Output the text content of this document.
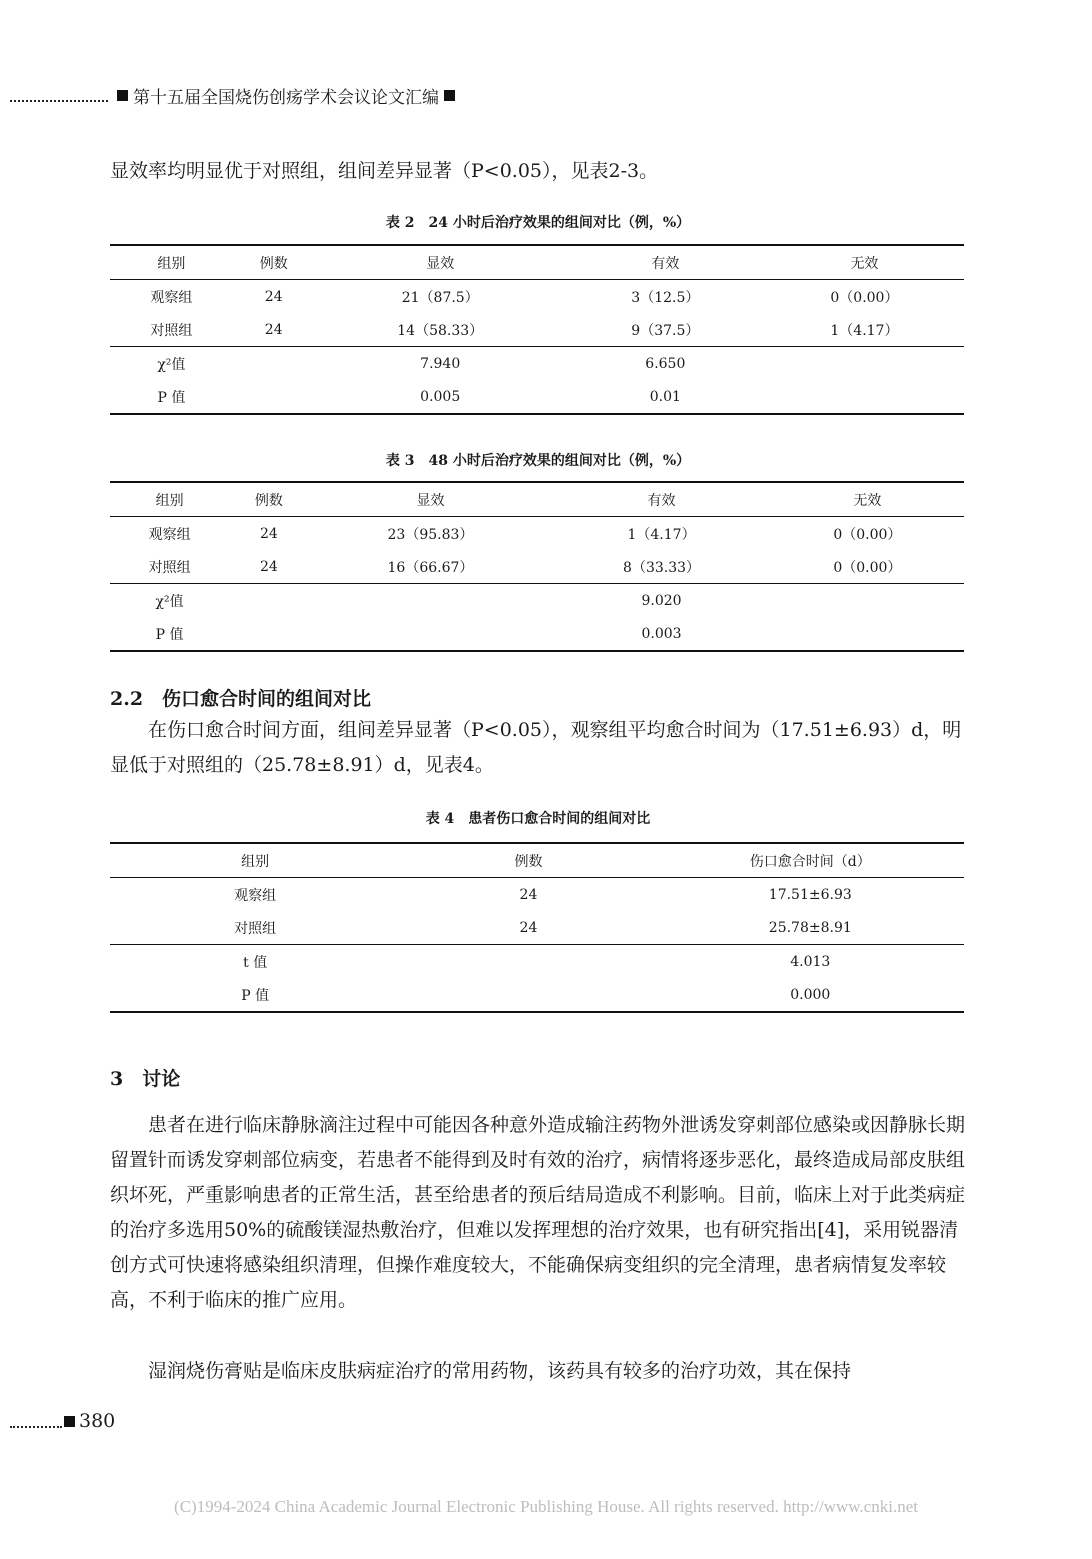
第十五届全国烧伤创疡学术会议论文汇编

显效率均明显优于对照组，组间差异显著（P<0.05），见表2-3。

表 2　24 小时后治疗效果的组间对比（例，%）
组别	例数	显效	有效	无效
观察组	24	21（87.5）	3（12.5）	0（0.00）
对照组	24	14（58.33）	9（37.5）	1（4.17）
χ²值		7.940	6.650	
P 值		0.005	0.01	
表 3　48 小时后治疗效果的组间对比（例，%）
组别	例数	显效	有效	无效
观察组	24	23（95.83）	1（4.17）	0（0.00）
对照组	24	16（66.67）	8（33.33）	0（0.00）
χ²值			9.020	
P 值			0.003	
2.2　伤口愈合时间的组间对比

在伤口愈合时间方面，组间差异显著（P<0.05），观察组平均愈合时间为（17.51±6.93）d，明显低于对照组的（25.78±8.91）d，见表4。

表 4　患者伤口愈合时间的组间对比
组别	例数	伤口愈合时间（d）
观察组	24	17.51±6.93
对照组	24	25.78±8.91
t 值		4.013
P 值		0.000
3　讨论

患者在进行临床静脉滴注过程中可能因各种意外造成输注药物外泄诱发穿刺部位感染或因静脉长期留置针而诱发穿刺部位病变，若患者不能得到及时有效的治疗，病情将逐步恶化，最终造成局部皮肤组织坏死，严重影响患者的正常生活，甚至给患者的预后结局造成不利影响。目前，临床上对于此类病症的治疗多选用50%的硫酸镁湿热敷治疗，但难以发挥理想的治疗效果，也有研究指出[4]，采用锐器清创方式可快速将感染组织清理，但操作难度较大，不能确保病变组织的完全清理，患者病情复发率较高，不利于临床的推广应用。

湿润烧伤膏贴是临床皮肤病症治疗的常用药物，该药具有较多的治疗功效，其在保持

380
(C)1994-2024 China Academic Journal Electronic Publishing House. All rights reserved. http://www.cnki.net
